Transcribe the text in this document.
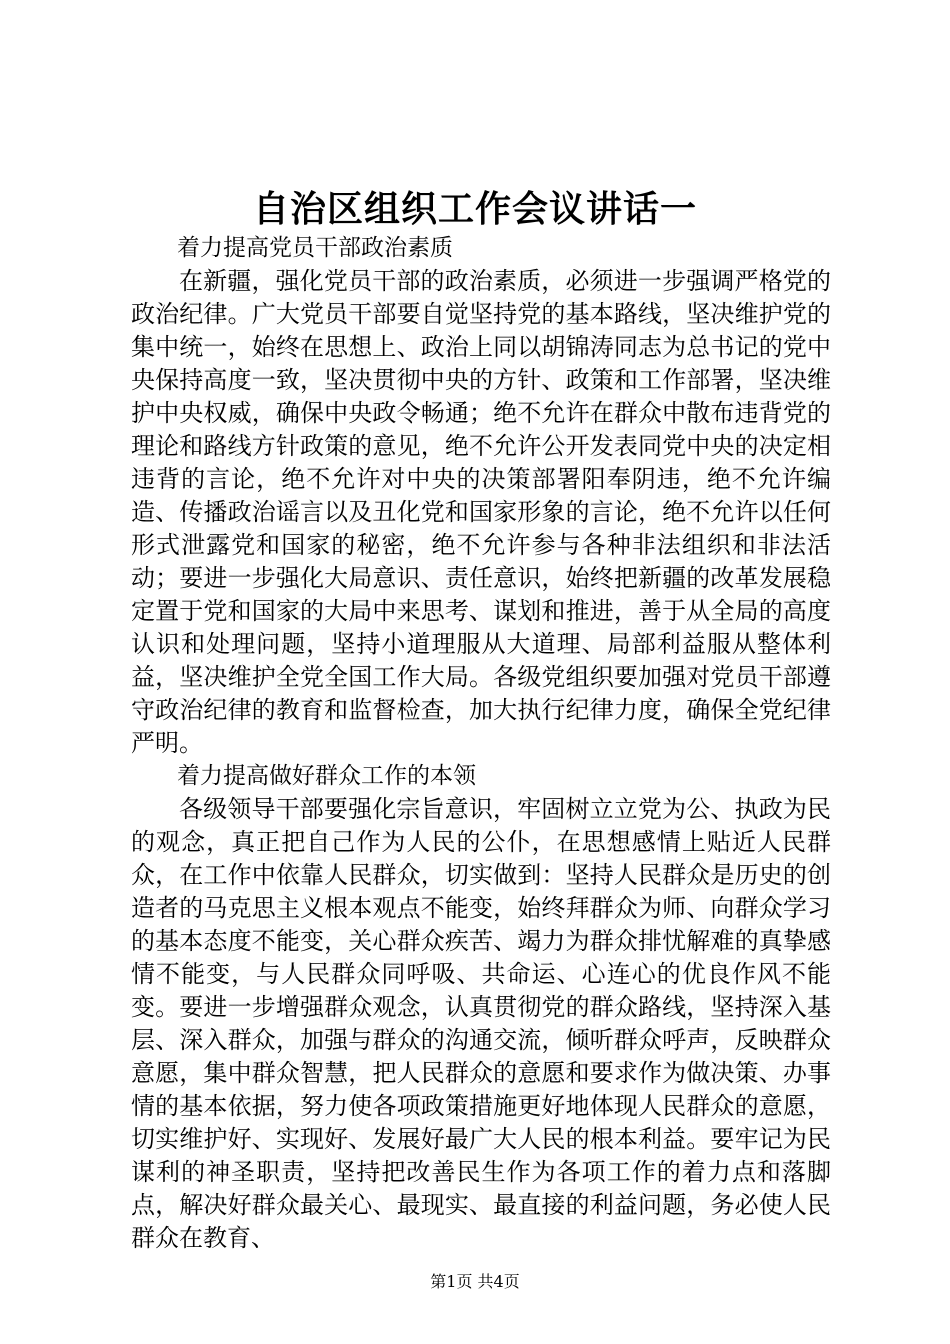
自治区组织工作会议讲话一

着力提高党员干部政治素质

在新疆，强化党员干部的政治素质，必须进一步强调严格党的政治纪律。广大党员干部要自觉坚持党的基本路线，坚决维护党的集中统一，始终在思想上、政治上同以胡锦涛同志为总书记的党中央保持高度一致，坚决贯彻中央的方针、政策和工作部署，坚决维护中央权威，确保中央政令畅通；绝不允许在群众中散布违背党的理论和路线方针政策的意见，绝不允许公开发表同党中央的决定相违背的言论，绝不允许对中央的决策部署阳奉阴违，绝不允许编造、传播政治谣言以及丑化党和国家形象的言论，绝不允许以任何形式泄露党和国家的秘密，绝不允许参与各种非法组织和非法活动；要进一步强化大局意识、责任意识，始终把新疆的改革发展稳定置于党和国家的大局中来思考、谋划和推进，善于从全局的高度认识和处理问题，坚持小道理服从大道理、局部利益服从整体利益，坚决维护全党全国工作大局。各级党组织要加强对党员干部遵守政治纪律的教育和监督检查，加大执行纪律力度，确保全党纪律严明。

着力提高做好群众工作的本领

各级领导干部要强化宗旨意识，牢固树立立党为公、执政为民的观念，真正把自己作为人民的公仆，在思想感情上贴近人民群众，在工作中依靠人民群众，切实做到：坚持人民群众是历史的创造者的马克思主义根本观点不能变，始终拜群众为师、向群众学习的基本态度不能变，关心群众疾苦、竭力为群众排忧解难的真挚感情不能变，与人民群众同呼吸、共命运、心连心的优良作风不能变。要进一步增强群众观念，认真贯彻党的群众路线，坚持深入基层、深入群众，加强与群众的沟通交流，倾听群众呼声，反映群众意愿，集中群众智慧，把人民群众的意愿和要求作为做决策、办事情的基本依据，努力使各项政策措施更好地体现人民群众的意愿，切实维护好、实现好、发展好最广大人民的根本利益。要牢记为民谋利的神圣职责，坚持把改善民生作为各项工作的着力点和落脚点，解决好群众最关心、最现实、最直接的利益问题，务必使人民群众在教育、

第1页 共4页
